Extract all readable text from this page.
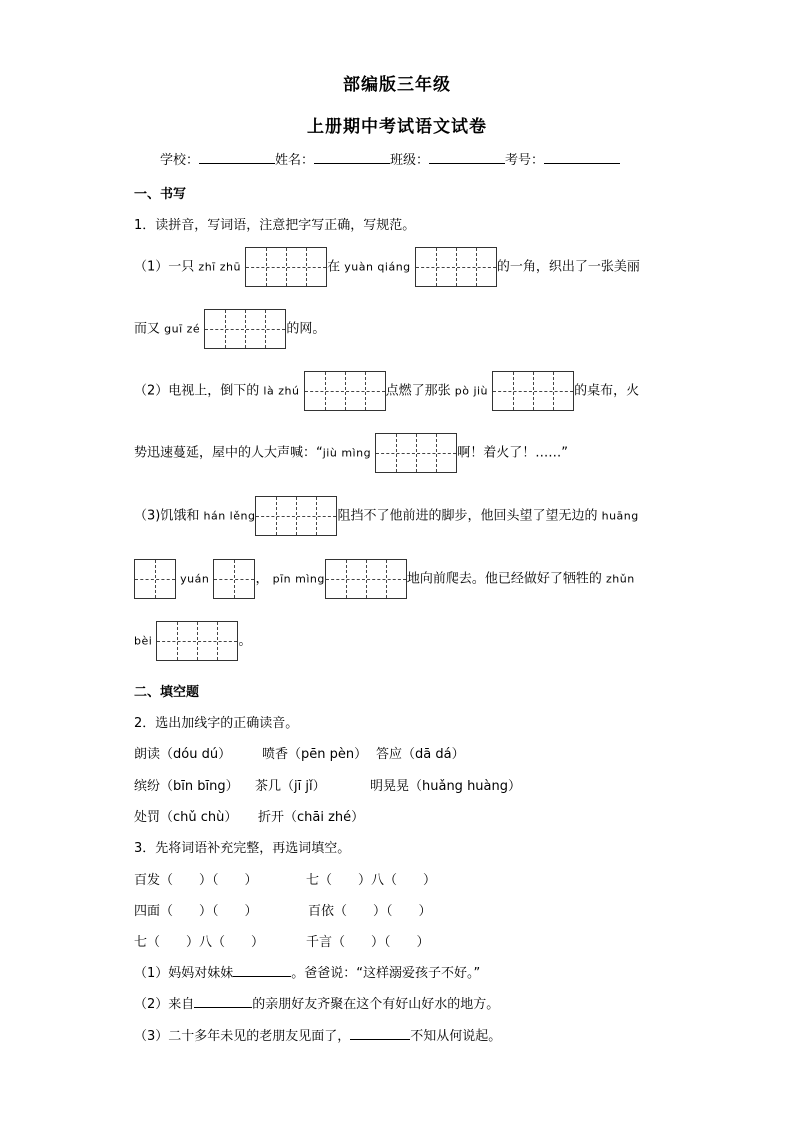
部编版三年级
上册期中考试语文试卷
学校：	姓名：	班级：	考号：
一、书写
1．读拼音，写词语，注意把字写正确，写规范。
（1）一只 zhī zhū	在 yuàn qiáng	的一角，织出了一张美丽
而又 guī zé	的网。
（2）电视上，倒下的 là zhú	点燃了那张 pò jiù	的桌布，火
势迅速蔓延，屋中的人大声喊：“jiù mìng	啊！着火了！……”
（3)饥饿和 hán lěng	阻挡不了他前进的脚步，他回头望了望无边的 huāng
yuán	， pīn mìng	地向前爬去。他已经做好了牺牲的 zhǔn
bèi	。
二、填空题
2．选出加线字的正确读音。
朗读（dóu dú） 喷香（pēn pèn） 答应（dā dá）
缤纷（bīn bīng） 茶几（jī jǐ）	明晃晃（huǎng huàng）
处罚（chǔ chù） 折开（chāi zhé）
3．先将词语补充完整，再选词填空。
百发（　　）（　　）	七（　　）八（　　）
四面（　　）（　　）	百依（　　）（　　）
七（　　）八（　　）	千言（　　）（　　）
（1）妈妈对妹妹	。爸爸说：“这样溺爱孩子不好。”
（2）来自	的亲朋好友齐聚在这个有好山好水的地方。
（3）二十多年未见的老朋友见面了，	不知从何说起。
